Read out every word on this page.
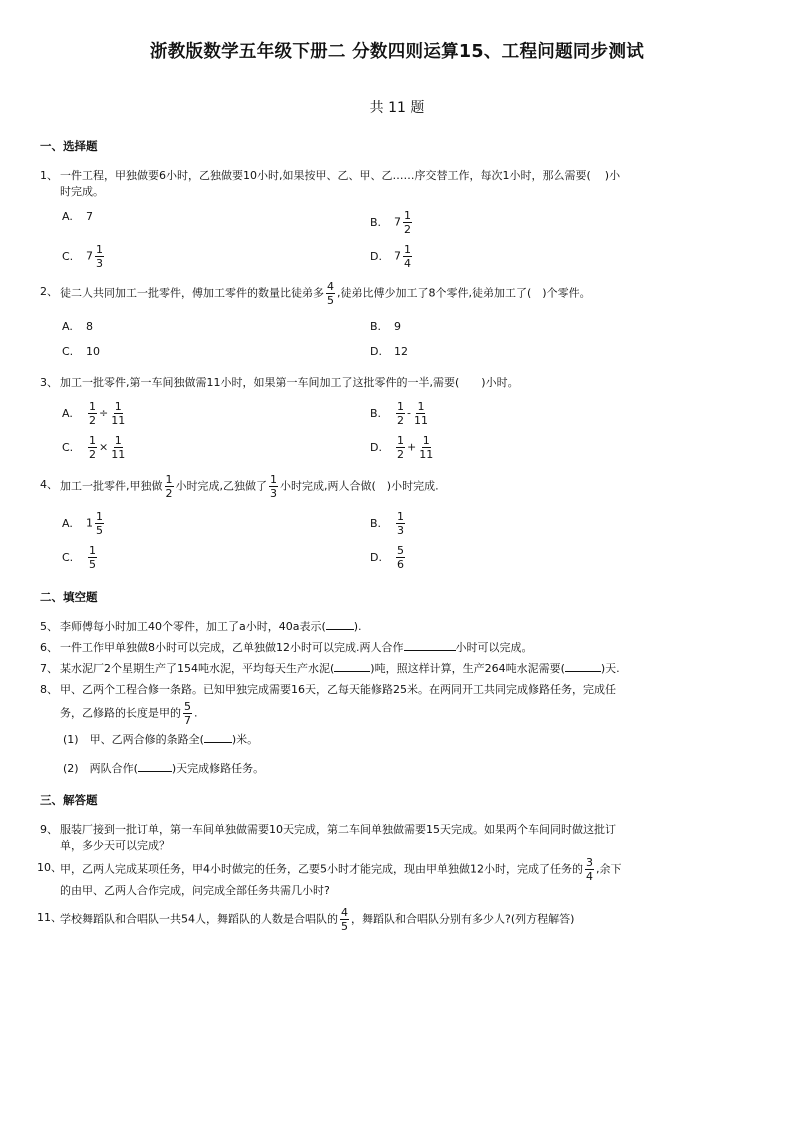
浙教版数学五年级下册二 分数四则运算15、工程问题同步测试
共 11 题
一、选择题
1、 一件工程，甲独做要6小时，乙独做要10小时,如果按甲、乙、甲、乙……序交替工作，每次1小时，那么需要( )小
时完成。
A. 7	B. $7 \frac{1}{2}$
C. $7 \frac{1}{3}$	D. $7 \frac{1}{4}$
2、 徒二人共同加工一批零件，傅加工零件的数量比徒弟多 $\frac{4}{5}$ ,徒弟比傅少加工了8个零件,徒弟加工了(　)个零件。
A. 8	B. 9
C. 10	D. 12
3、 加工一批零件,第一车间独做需11小时，如果第一车间加工了这批零件的一半,需要(　　)小时。
A. $\frac{1}{2} \div \frac{1}{11}$	B. $\frac{1}{2} - \frac{1}{11}$
C. $\frac{1}{2} \times \frac{1}{11}$	D. $\frac{1}{2} + \frac{1}{11}$
4、 加工一批零件,甲独做 $\frac{1}{2}$ 小时完成,乙独做了 $\frac{1}{3}$ 小时完成,两人合做(　)小时完成.
A. $1 \frac{1}{5}$	B. $\frac{1}{3}$
C. $\frac{1}{5}$	D. $\frac{5}{6}$
二、填空题
5、 李师傅每小时加工40个零件，加工了a小时，40a表示(	).
6、 一件工作甲单独做8小时可以完成，乙单独做12小时可以完成.两人合作	小时可以完成。
7、 某水泥厂2个星期生产了154吨水泥，平均每天生产水泥(	)吨，照这样计算，生产264吨水泥需要(	)天.
8、 甲、乙两个工程合修一条路。已知甲独完成需要16天，乙每天能修路25米。在两同开工共同完成修路任务，完成任
务，乙修路的长度是甲的 $\frac{5}{7}$ .
(1)　甲、乙两合修的条路全(	)米。
(2)　两队合作(	)天完成修路任务。
三、解答题
9、 服装厂接到一批订单，第一车间单独做需要10天完成，第二车间单独做需要15天完成。如果两个车间同时做这批订
单，多少天可以完成？
10、
甲，乙两人完成某项任务，甲4小时做完的任务，乙要5小时才能完成，现由甲单独做12小时，完成了任务的 $\frac{3}{4}$ ,余下
的由甲、乙两人合作完成，问完成全部任务共需几小时?
11、
学校舞蹈队和合唱队一共54人，舞蹈队的人数是合唱队的 $\frac{4}{5}$ ，舞蹈队和合唱队分别有多少人?(列方程解答)
